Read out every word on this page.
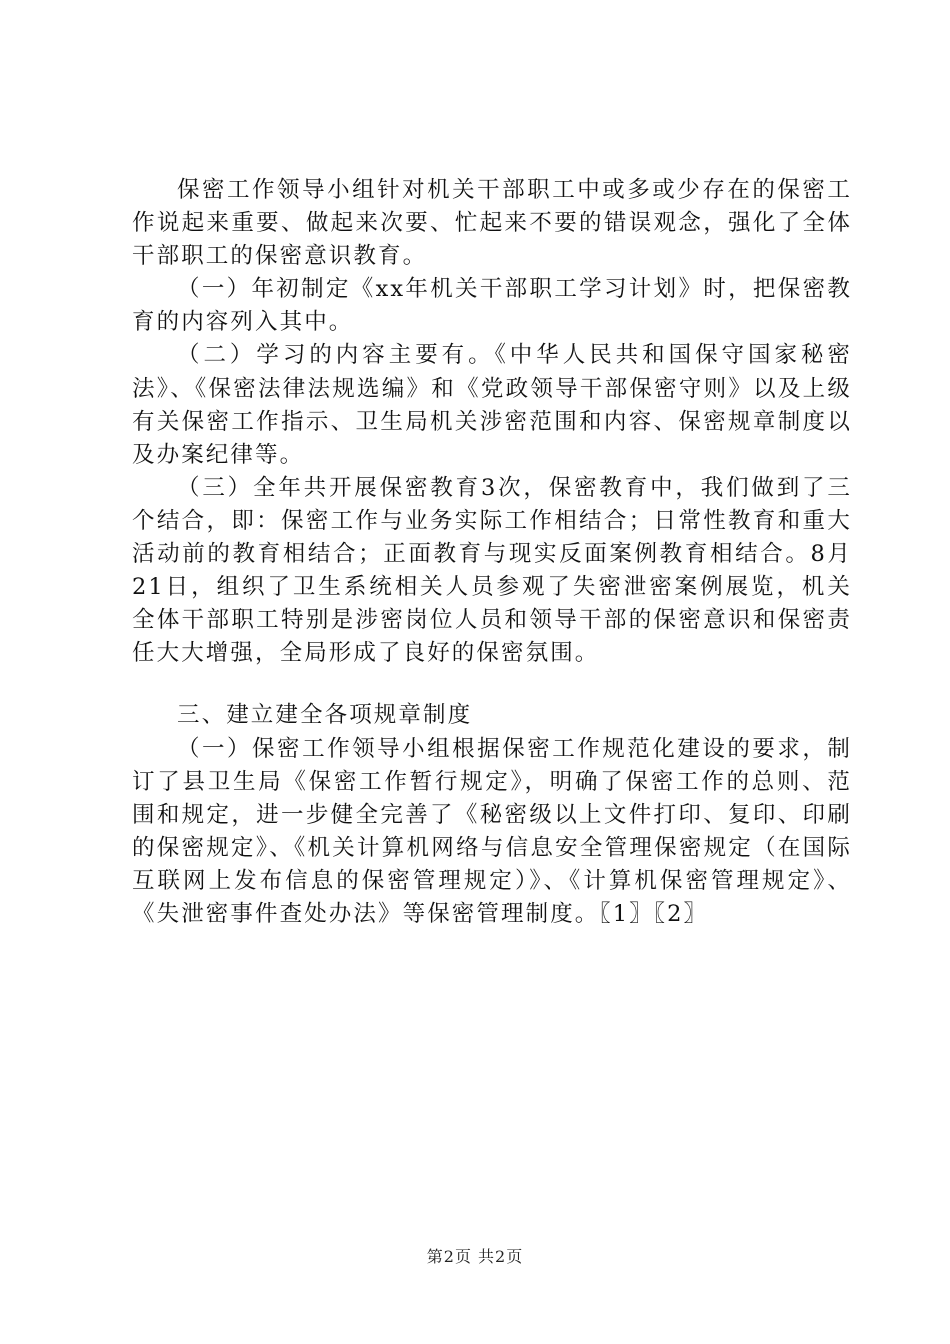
保密工作领导小组针对机关干部职工中或多或少存在的保密工作说起来重要、做起来次要、忙起来不要的错误观念，强化了全体干部职工的保密意识教育。

（一）年初制定《xx年机关干部职工学习计划》时，把保密教育的内容列入其中。

（二）学习的内容主要有。《中华人民共和国保守国家秘密法》、《保密法律法规选编》和《党政领导干部保密守则》以及上级有关保密工作指示、卫生局机关涉密范围和内容、保密规章制度以及办案纪律等。

（三）全年共开展保密教育3次，保密教育中，我们做到了三个结合，即：保密工作与业务实际工作相结合；日常性教育和重大活动前的教育相结合；正面教育与现实反面案例教育相结合。8月21日，组织了卫生系统相关人员参观了失密泄密案例展览，机关全体干部职工特别是涉密岗位人员和领导干部的保密意识和保密责任大大增强，全局形成了良好的保密氛围。

三、建立建全各项规章制度

（一）保密工作领导小组根据保密工作规范化建设的要求，制订了县卫生局《保密工作暂行规定》，明确了保密工作的总则、范围和规定，进一步健全完善了《秘密级以上文件打印、复印、印刷的保密规定》、《机关计算机网络与信息安全管理保密规定（在国际互联网上发布信息的保密管理规定）》、《计算机保密管理规定》、《失泄密事件查处办法》等保密管理制度。〖1〗〖2〗

第2页 共2页
